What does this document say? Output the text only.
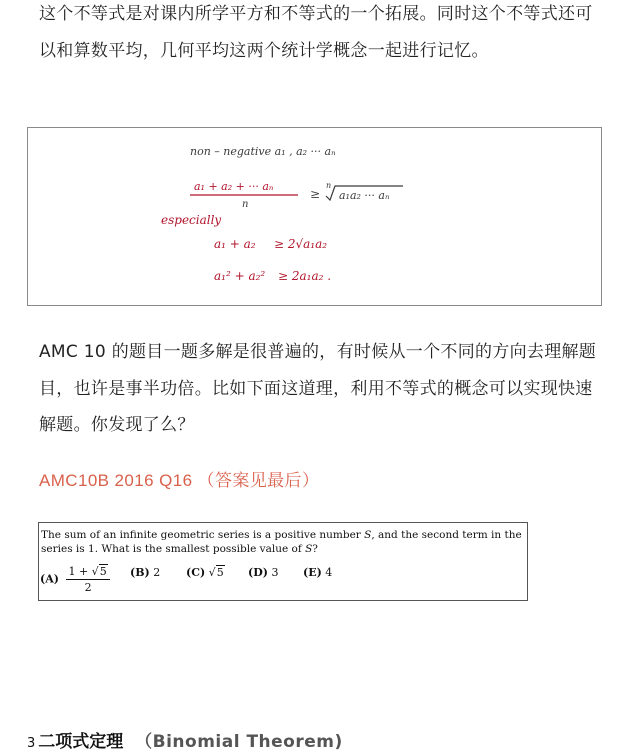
这个不等式是对课内所学平方和不等式的一个拓展。同时这个不等式还可以和算数平均，几何平均这两个统计学概念一起进行记忆。

non – negative a₁ , a₂ ··· aₙ
a₁ + a₂ + ··· aₙ
n
≥
n
a₁a₂ ··· aₙ
especially
a₁ + a₂ ≥ 2√a₁a₂
a₁² + a₂² ≥ 2a₁a₂ .

AMC 10 的题目一题多解是很普遍的，有时候从一个不同的方向去理解题目，也许是事半功倍。比如下面这道理，利用不等式的概念可以实现快速解题。你发现了么？

AMC10B 2016 Q16 （答案见最后）
The sum of an infinite geometric series is a positive number S, and the second term in the series is 1. What is the smallest possible value of S?
$(A) \frac{1 + √5}{2} (B)$ 2 (C) √5 (D) 3 (E) 4
3 二项式定理 （Binomial Theorem)
